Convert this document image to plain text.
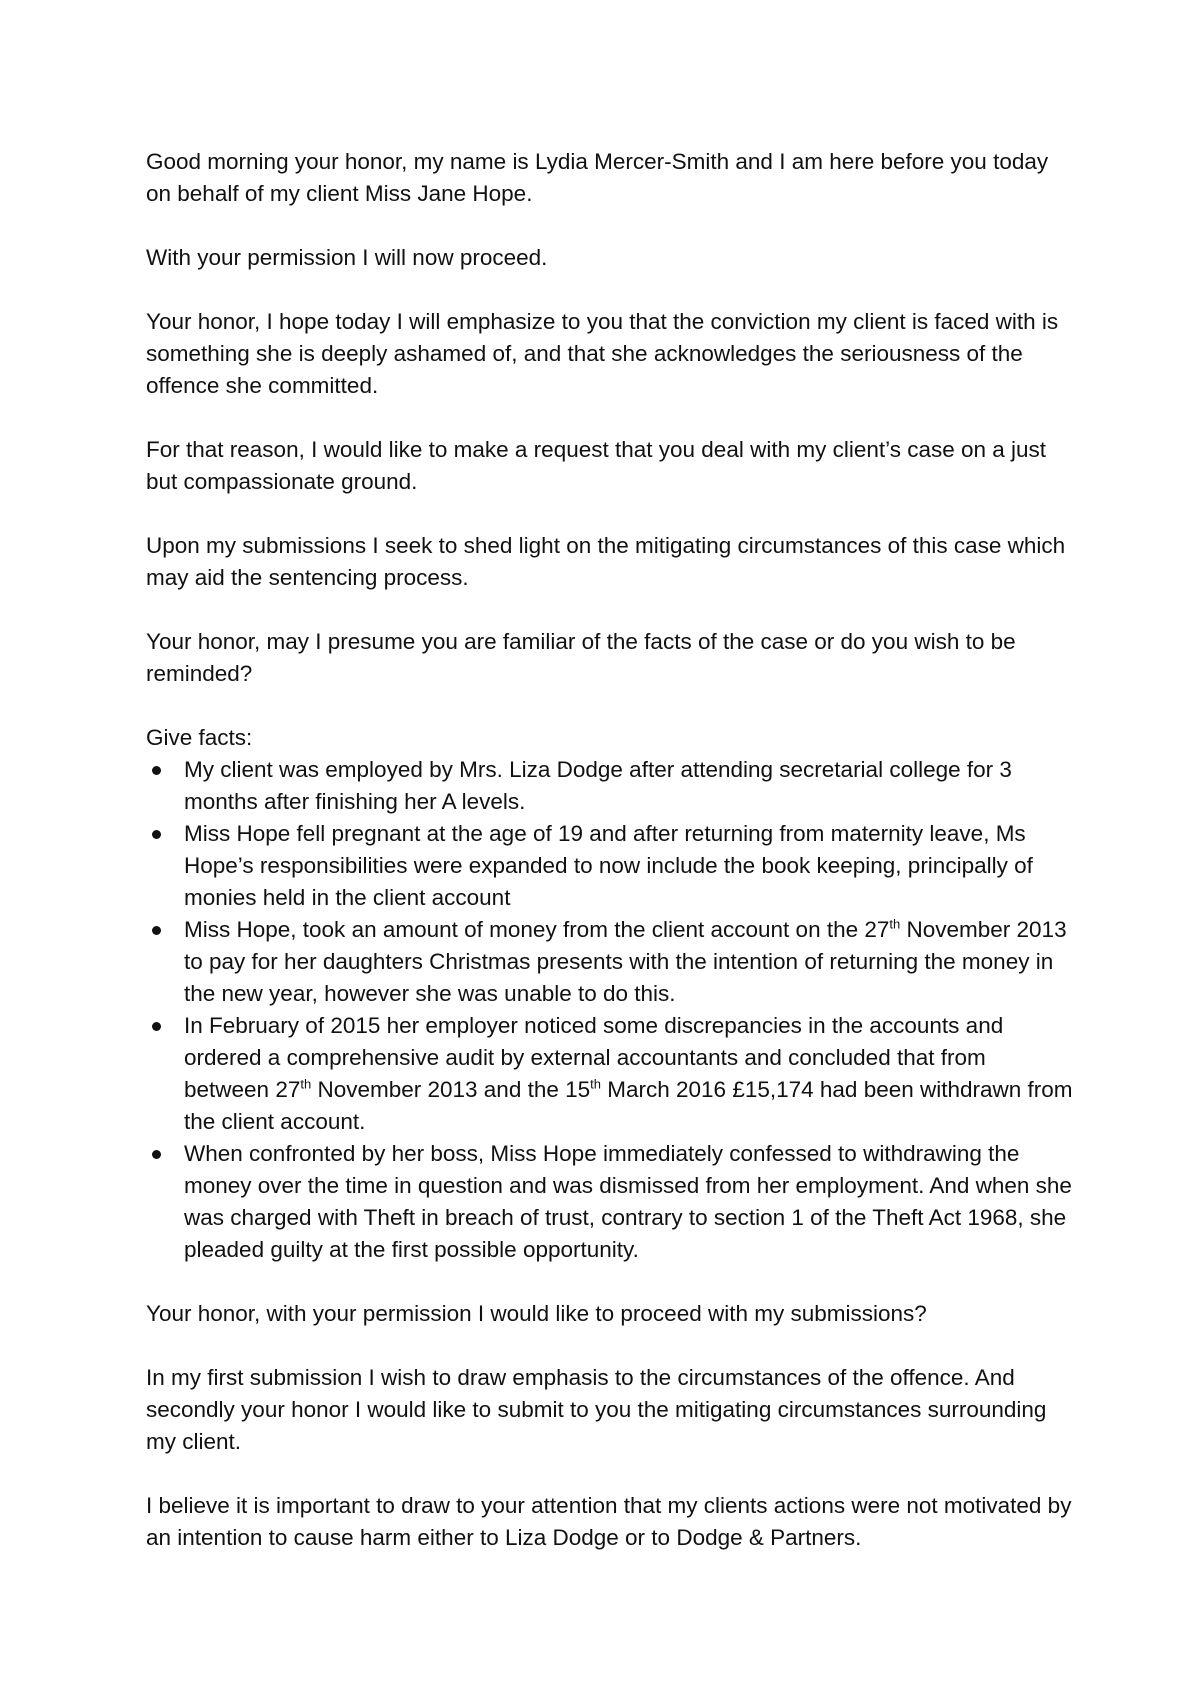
Good morning your honor, my name is Lydia Mercer-Smith and I am here before you today on behalf of my client Miss Jane Hope.

With your permission I will now proceed.

Your honor, I hope today I will emphasize to you that the conviction my client is faced with is something she is deeply ashamed of, and that she acknowledges the seriousness of the offence she committed.

For that reason, I would like to make a request that you deal with my client’s case on a just but compassionate ground.

Upon my submissions I seek to shed light on the mitigating circumstances of this case which may aid the sentencing process.

Your honor, may I presume you are familiar of the facts of the case or do you wish to be reminded?

Give facts:

My client was employed by Mrs. Liza Dodge after attending secretarial college for 3 months after finishing her A levels.
Miss Hope fell pregnant at the age of 19 and after returning from maternity leave, Ms Hope’s responsibilities were expanded to now include the book keeping, principally of monies held in the client account
Miss Hope, took an amount of money from the client account on the 27th November 2013 to pay for her daughters Christmas presents with the intention of returning the money in the new year, however she was unable to do this.
In February of 2015 her employer noticed some discrepancies in the accounts and ordered a comprehensive audit by external accountants and concluded that from between 27th November 2013 and the 15th March 2016 £15,174 had been withdrawn from the client account.
When confronted by her boss, Miss Hope immediately confessed to withdrawing the money over the time in question and was dismissed from her employment. And when she was charged with Theft in breach of trust, contrary to section 1 of the Theft Act 1968, she pleaded guilty at the first possible opportunity.

Your honor, with your permission I would like to proceed with my submissions?

In my first submission I wish to draw emphasis to the circumstances of the offence. And secondly your honor I would like to submit to you the mitigating circumstances surrounding my client.

I believe it is important to draw to your attention that my clients actions were not motivated by an intention to cause harm either to Liza Dodge or to Dodge & Partners.
